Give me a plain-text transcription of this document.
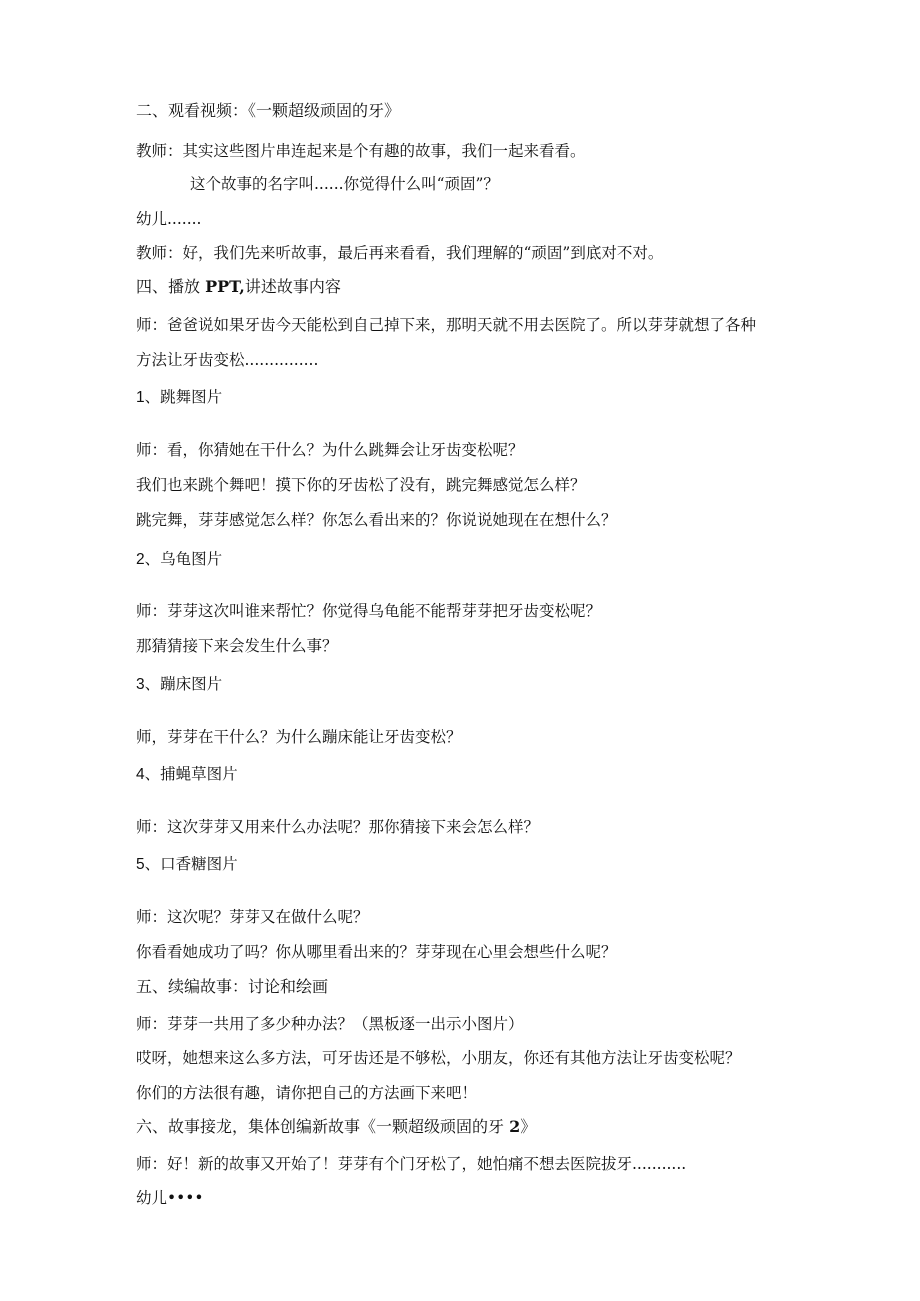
二、观看视频：《一颗超级顽固的牙》
教师：其实这些图片串连起来是个有趣的故事，我们一起来看看。
这个故事的名字叫......你觉得什么叫“顽固”？
幼儿.......
教师：好，我们先来听故事，最后再来看看，我们理解的“顽固”到底对不对。
四、播放 PPT,讲述故事内容
师：爸爸说如果牙齿今天能松到自己掉下来，那明天就不用去医院了。所以芽芽就想了各种
方法让牙齿变松...............
1、跳舞图片
师：看，你猜她在干什么？为什么跳舞会让牙齿变松呢？
我们也来跳个舞吧！摸下你的牙齿松了没有，跳完舞感觉怎么样？
跳完舞，芽芽感觉怎么样？你怎么看出来的？你说说她现在在想什么？
2、乌龟图片
师：芽芽这次叫谁来帮忙？你觉得乌龟能不能帮芽芽把牙齿变松呢？
那猜猜接下来会发生什么事？
3、蹦床图片
师，芽芽在干什么？为什么蹦床能让牙齿变松？
4、捕蝇草图片
师：这次芽芽又用来什么办法呢？那你猜接下来会怎么样？
5、口香糖图片
师：这次呢？芽芽又在做什么呢？
你看看她成功了吗？你从哪里看出来的？芽芽现在心里会想些什么呢？
五、续编故事：讨论和绘画
师：芽芽一共用了多少种办法？（黑板逐一出示小图片）
哎呀，她想来这么多方法，可牙齿还是不够松，小朋友，你还有其他方法让牙齿变松呢？
你们的方法很有趣，请你把自己的方法画下来吧！
六、故事接龙，集体创编新故事《一颗超级顽固的牙 2》
师：好！新的故事又开始了！芽芽有个门牙松了，她怕痛不想去医院拔牙...........
幼儿••••
